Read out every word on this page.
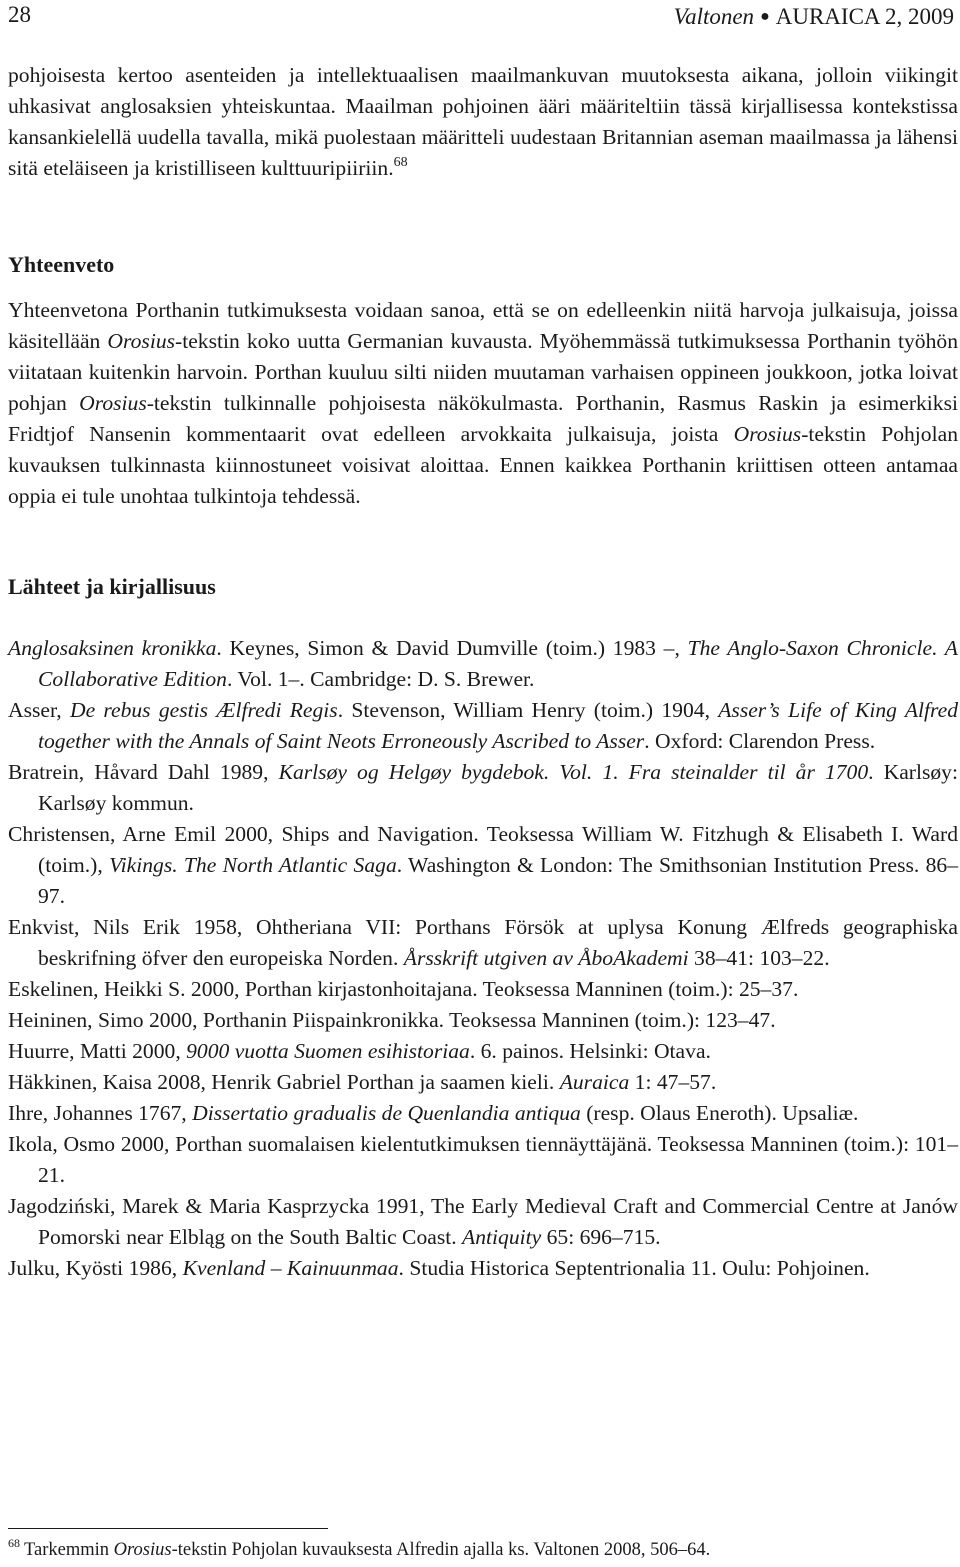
28	Valtonen ● AURAICA 2, 2009

pohjoisesta kertoo asenteiden ja intellektuaalisen maailmankuvan muutoksesta aikana, jolloin viikingit uhkasivat anglosaksien yhteiskuntaa. Maailman pohjoinen ääri määriteltiin tässä kirjallisessa kontekstissa kansankielellä uudella tavalla, mikä puolestaan määritteli uudestaan Britannian aseman maailmassa ja lähensi sitä eteläiseen ja kristilliseen kulttuuripiiriin.$^{68}$

Yhteenveto

Yhteenvetona Porthanin tutkimuksesta voidaan sanoa, että se on edelleenkin niitä harvoja julkaisuja, joissa käsitellään Orosius-tekstin koko uutta Germanian kuvausta. Myöhemmässä tutkimuksessa Porthanin työhön viitataan kuitenkin harvoin. Porthan kuuluu silti niiden muutaman varhaisen oppineen joukkoon, jotka loivat pohjan Orosius-tekstin tulkinnalle pohjoisesta näkökulmasta. Porthanin, Rasmus Raskin ja esimerkiksi Fridtjof Nansenin kommentaarit ovat edelleen arvokkaita julkaisuja, joista Orosius-tekstin Pohjolan kuvauksen tulkinnasta kiinnostuneet voisivat aloittaa. Ennen kaikkea Porthanin kriittisen otteen antamaa oppia ei tule unohtaa tulkintoja tehdessä.

Lähteet ja kirjallisuus

Anglosaksinen kronikka. Keynes, Simon & David Dumville (toim.) 1983 –, The Anglo-Saxon Chronicle. A Collaborative Edition. Vol. 1–. Cambridge: D. S. Brewer.

Asser, De rebus gestis Ælfredi Regis. Stevenson, William Henry (toim.) 1904, Asser’s Life of King Alfred together with the Annals of Saint Neots Erroneously Ascribed to Asser. Oxford: Clarendon Press.

Bratrein, Håvard Dahl 1989, Karlsøy og Helgøy bygdebok. Vol. 1. Fra steinalder til år 1700. Karlsøy: Karlsøy kommun.

Christensen, Arne Emil 2000, Ships and Navigation. Teoksessa William W. Fitzhugh & Elisabeth I. Ward (toim.), Vikings. The North Atlantic Saga. Washington & London: The Smithsonian Institution Press. 86–97.

Enkvist, Nils Erik 1958, Ohtheriana VII: Porthans Försök at uplysa Konung Ælfreds geographiska beskrifning öfver den europeiska Norden. Årsskrift utgiven av ÅboAkademi 38–41: 103–22.

Eskelinen, Heikki S. 2000, Porthan kirjastonhoitajana. Teoksessa Manninen (toim.): 25–37.

Heininen, Simo 2000, Porthanin Piispainkronikka. Teoksessa Manninen (toim.): 123–47.

Huurre, Matti 2000, 9000 vuotta Suomen esihistoriaa. 6. painos. Helsinki: Otava.

Häkkinen, Kaisa 2008, Henrik Gabriel Porthan ja saamen kieli. Auraica 1: 47–57.

Ihre, Johannes 1767, Dissertatio gradualis de Quenlandia antiqua (resp. Olaus Eneroth). Upsaliæ.

Ikola, Osmo 2000, Porthan suomalaisen kielentutkimuksen tiennäyttäjänä. Teoksessa Manninen (toim.): 101–21.

Jagodziński, Marek & Maria Kasprzycka 1991, The Early Medieval Craft and Commercial Centre at Janów Pomorski near Elbląg on the South Baltic Coast. Antiquity 65: 696–715.

Julku, Kyösti 1986, Kvenland – Kainuunmaa. Studia Historica Septentrionalia 11. Oulu: Pohjoinen.

$^{68}$ Tarkemmin Orosius-tekstin Pohjolan kuvauksesta Alfredin ajalla ks. Valtonen 2008, 506–64.
